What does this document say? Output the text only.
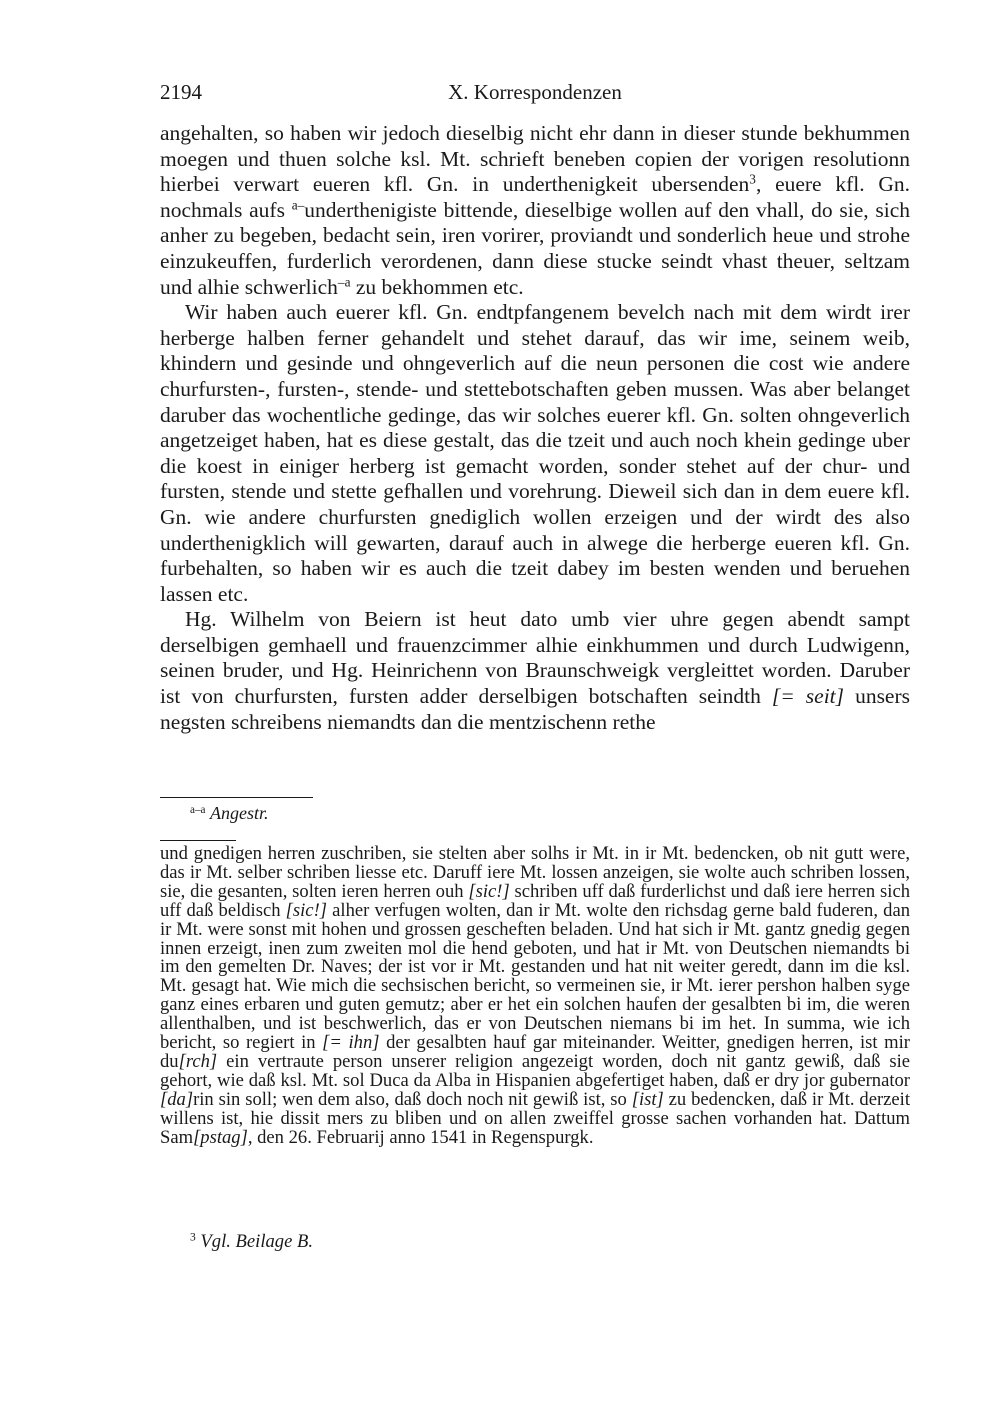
2194	X. Korrespondenzen

angehalten, so haben wir jedoch dieselbig nicht ehr dann in dieser stunde bekhummen moegen und thuen solche ksl. Mt. schrieft beneben copien der vorigen resolutionn hierbei verwart eueren kfl. Gn. in underthenigkeit ubersenden$^3$, euere kfl. Gn. nochmals aufs $^{a-}$underthenigiste bittende, dieselbige wollen auf den vhall, do sie, sich anher zu begeben, bedacht sein, iren vorirer, proviandt und sonderlich heue und strohe einzukeuffen, furderlich verordenen, dann diese stucke seindt vhast theuer, seltzam und alhie schwerlich$^{-a}$ zu bekhommen etc.

Wir haben auch euerer kfl. Gn. endtpfangenem bevelch nach mit dem wirdt irer herberge halben ferner gehandelt und stehet darauf, das wir ime, seinem weib, khindern und gesinde und ohngeverlich auf die neun personen die cost wie andere churfursten-, fursten-, stende- und stettebotschaften geben mussen. Was aber belanget daruber das wochentliche gedinge, das wir solches euerer kfl. Gn. solten ohngeverlich angetzeiget haben, hat es diese gestalt, das die tzeit und auch noch khein gedinge uber die koest in einiger herberg ist gemacht worden, sonder stehet auf der chur- und fursten, stende und stette gefhallen und vorehrung. Dieweil sich dan in dem euere kfl. Gn. wie andere churfursten gnediglich wollen erzeigen und der wirdt des also underthenigklich will gewarten, darauf auch in alwege die herberge eueren kfl. Gn. furbehalten, so haben wir es auch die tzeit dabey im besten wenden und beruehen lassen etc.

Hg. Wilhelm von Beiern ist heut dato umb vier uhre gegen abendt sampt derselbigen gemhaell und frauenzcimmer alhie einkhummen und durch Ludwigenn, seinen bruder, und Hg. Heinrichenn von Braunschweigk vergleittet worden. Daruber ist von churfursten, fursten adder derselbigen botschaften seindth [= seit] unsers negsten schreibens niemandts dan die mentzischenn rethe

$^{a-a}$ Angestr.
und gnedigen herren zuschriben, sie stelten aber solhs ir Mt. in ir Mt. bedencken, ob nit gutt were, das ir Mt. selber schriben liesse etc. Daruff iere Mt. lossen anzeigen, sie wolte auch schriben lossen, sie, die gesanten, solten ieren herren ouh [sic!] schriben uff daß furderlichst und daß iere herren sich uff daß beldisch [sic!] alher verfugen wolten, dan ir Mt. wolte den richsdag gerne bald fuderen, dan ir Mt. were sonst mit hohen und grossen gescheften beladen. Und hat sich ir Mt. gantz gnedig gegen innen erzeigt, inen zum zweiten mol die hend geboten, und hat ir Mt. von Deutschen niemandts bi im den gemelten Dr. Naves; der ist vor ir Mt. gestanden und hat nit weiter geredt, dann im die ksl. Mt. gesagt hat. Wie mich die sechsischen bericht, so vermeinen sie, ir Mt. ierer pershon halben syge ganz eines erbaren und guten gemutz; aber er het ein solchen haufen der gesalbten bi im, die weren allenthalben, und ist beschwerlich, das er von Deutschen niemans bi im het. In summa, wie ich bericht, so regiert in [= ihn] der gesalbten hauf gar miteinander. Weitter, gnedigen herren, ist mir du[rch] ein vertraute person unserer religion angezeigt worden, doch nit gantz gewiß, daß sie gehort, wie daß ksl. Mt. sol Duca da Alba in Hispanien abgefertiget haben, daß er dry jor gubernator [da]rin sin soll; wen dem also, daß doch noch nit gewiß ist, so [ist] zu bedencken, daß ir Mt. derzeit willens ist, hie dissit mers zu bliben und on allen zweiffel grosse sachen vorhanden hat. Dattum Sam[pstag], den 26. Februarij anno 1541 in Regenspurgk.
$^3$ Vgl. Beilage B.
